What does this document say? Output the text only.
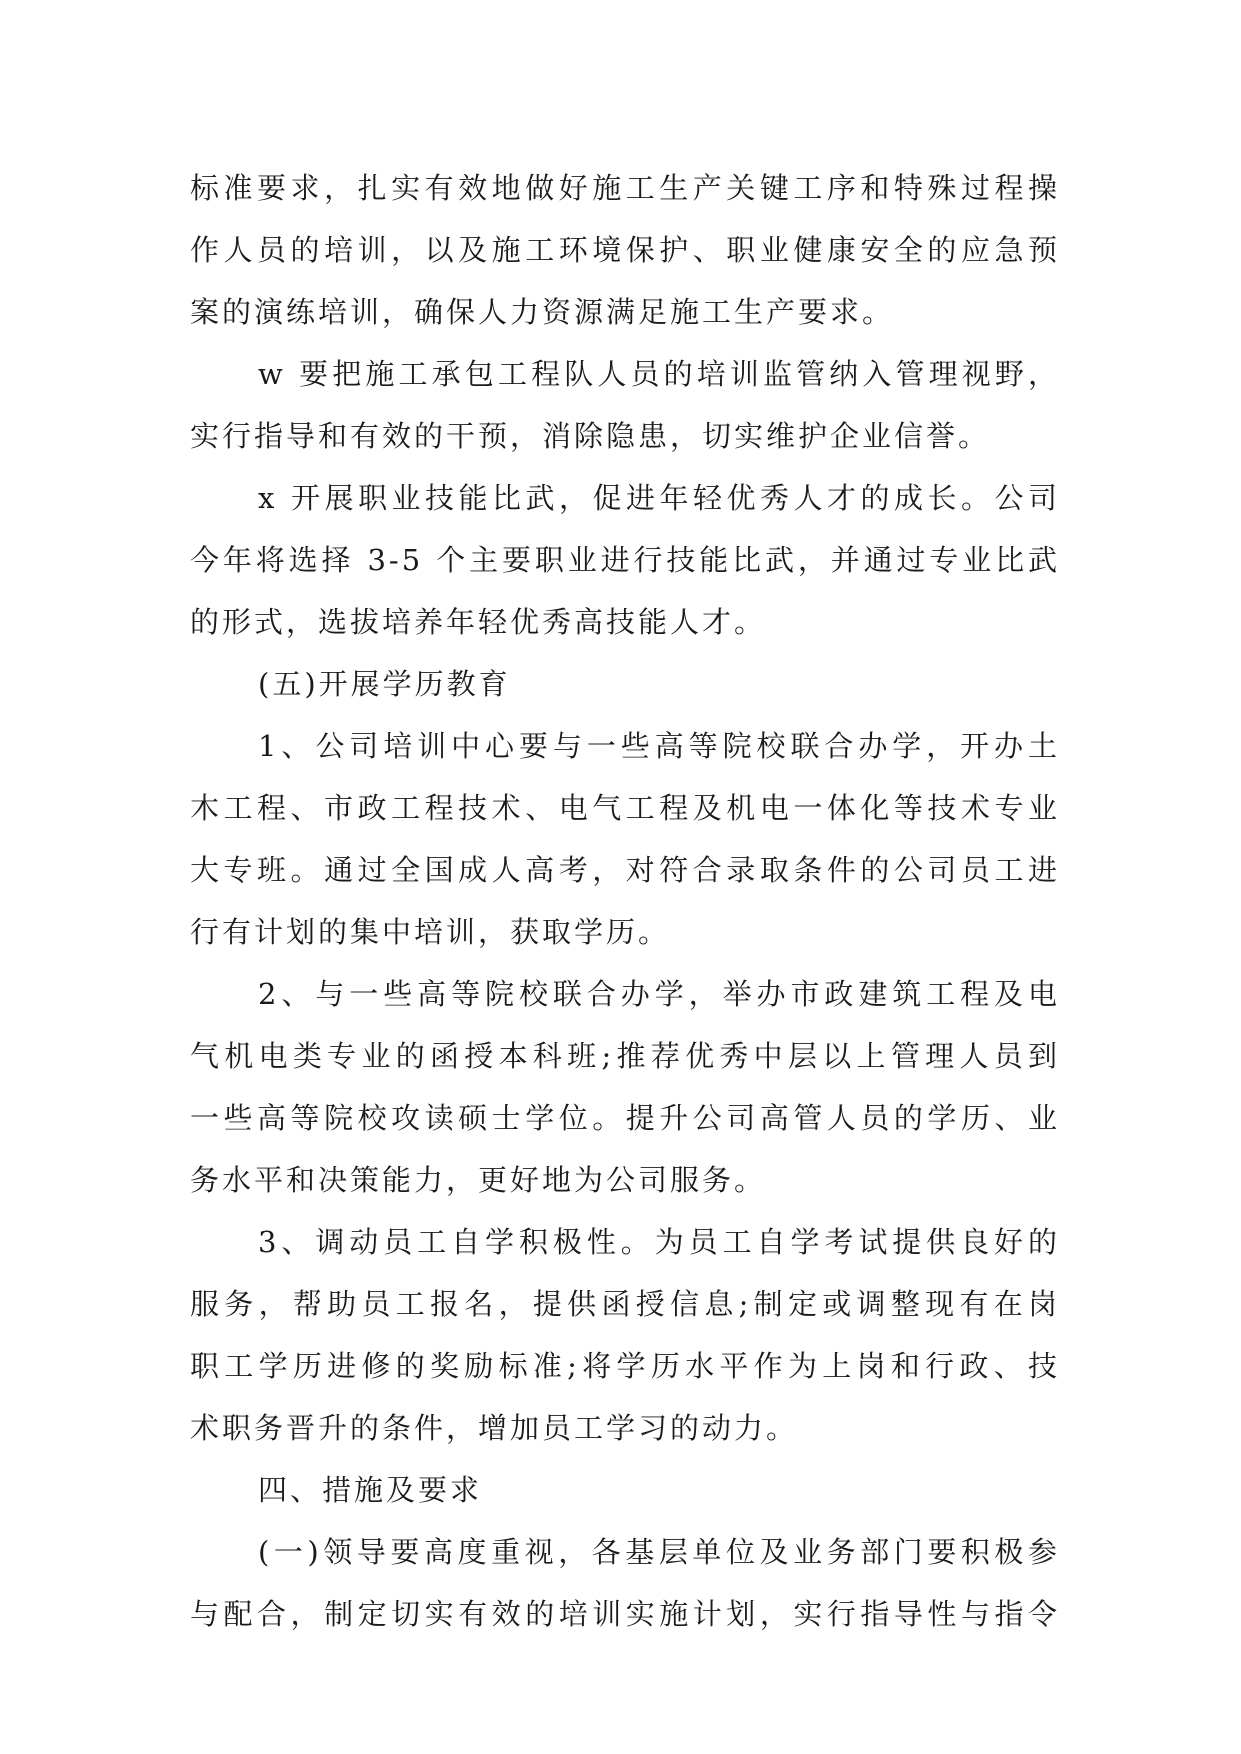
标准要求，扎实有效地做好施工生产关键工序和特殊过程操
作人员的培训，以及施工环境保护、职业健康安全的应急预
案的演练培训，确保人力资源满足施工生产要求。
w 要把施工承包工程队人员的培训监管纳入管理视野，
实行指导和有效的干预，消除隐患，切实维护企业信誉。
x 开展职业技能比武，促进年轻优秀人才的成长。公司
今年将选择 3-5 个主要职业进行技能比武，并通过专业比武
的形式，选拔培养年轻优秀高技能人才。
(五)开展学历教育
1、公司培训中心要与一些高等院校联合办学，开办土
木工程、市政工程技术、电气工程及机电一体化等技术专业
大专班。通过全国成人高考，对符合录取条件的公司员工进
行有计划的集中培训，获取学历。
2、与一些高等院校联合办学，举办市政建筑工程及电
气机电类专业的函授本科班;推荐优秀中层以上管理人员到
一些高等院校攻读硕士学位。提升公司高管人员的学历、业
务水平和决策能力，更好地为公司服务。
3、调动员工自学积极性。为员工自学考试提供良好的
服务，帮助员工报名，提供函授信息;制定或调整现有在岗
职工学历进修的奖励标准;将学历水平作为上岗和行政、技
术职务晋升的条件，增加员工学习的动力。
四、措施及要求
(一)领导要高度重视，各基层单位及业务部门要积极参
与配合，制定切实有效的培训实施计划，实行指导性与指令
